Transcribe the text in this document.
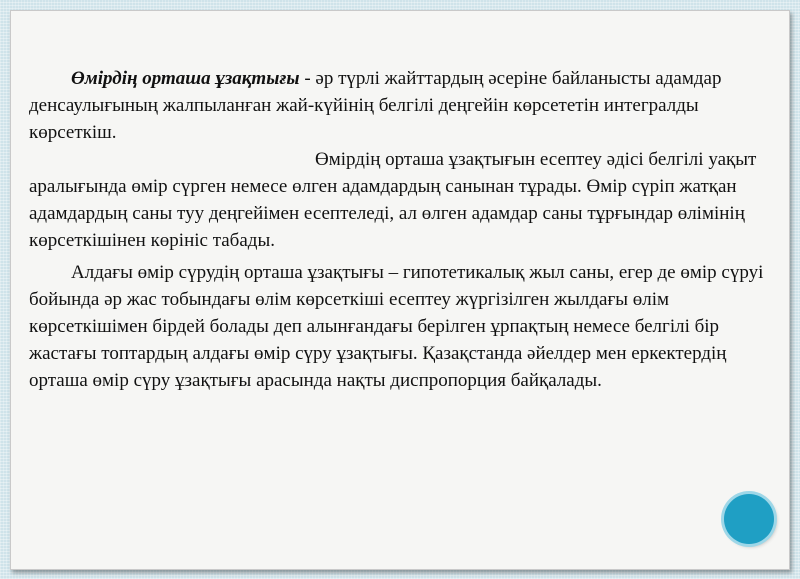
Өмірдің орташа ұзақтығы - әр түрлі жайттардың әсеріне байланысты адамдар денсаулығының жалпыланған жай-күйінің белгілі деңгейін көрсететін интегралды көрсеткіш.
Өмірдің орташа ұзақтығын есептеу әдісі белгілі уақыт аралығында өмір сүрген немесе өлген адамдардың санынан тұрады. Өмір сүріп жатқан адамдардың саны туу деңгейімен есептеледі, ал өлген адамдар саны тұрғындар өлімінің көрсеткішінен көрініс табады.

Алдағы өмір сүрудің орташа ұзақтығы – гипотетикалық жыл саны, егер де өмір сүруі бойында әр жас тобындағы өлім көрсеткіші есептеу жүргізілген жылдағы өлім көрсеткішімен бірдей болады деп алынғандағы берілген ұрпақтың немесе белгілі бір жастағы топтардың алдағы өмір сүру ұзақтығы. Қазақстанда әйелдер мен еркектердің орташа өмір сүру ұзақтығы арасында нақты диспропорция байқалады.
